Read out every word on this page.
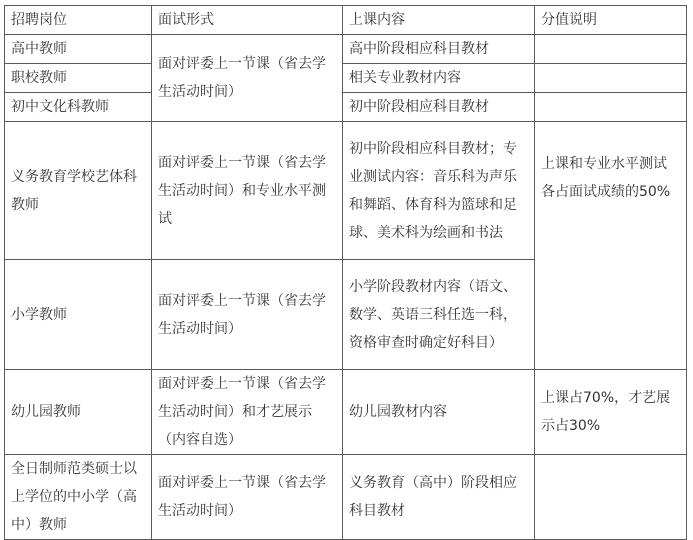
招聘岗位	面试形式	上课内容	分值说明
高中教师	面对评委上一节课（省去学生活动时间）	高中阶段相应科目教材	
职校教师		相关专业教材内容	
初中文化科教师		初中阶段相应科目教材	
义务教育学校艺体科教师	面对评委上一节课（省去学生活动时间）和专业水平测试	初中阶段相应科目教材；专业测试内容：音乐科为声乐和舞蹈、体育科为篮球和足球、美术科为绘画和书法	上课和专业水平测试各占面试成绩的50%
小学教师	面对评委上一节课（省去学生活动时间）	小学阶段教材内容（语文、数学、英语三科任选一科，资格审查时确定好科目）	
幼儿园教师	面对评委上一节课（省去学生活动时间）和才艺展示（内容自选）	幼儿园教材内容	上课占70%，才艺展示占30%
全日制师范类硕士以上学位的中小学（高中）教师	面对评委上一节课（省去学生活动时间）	义务教育（高中）阶段相应科目教材	
